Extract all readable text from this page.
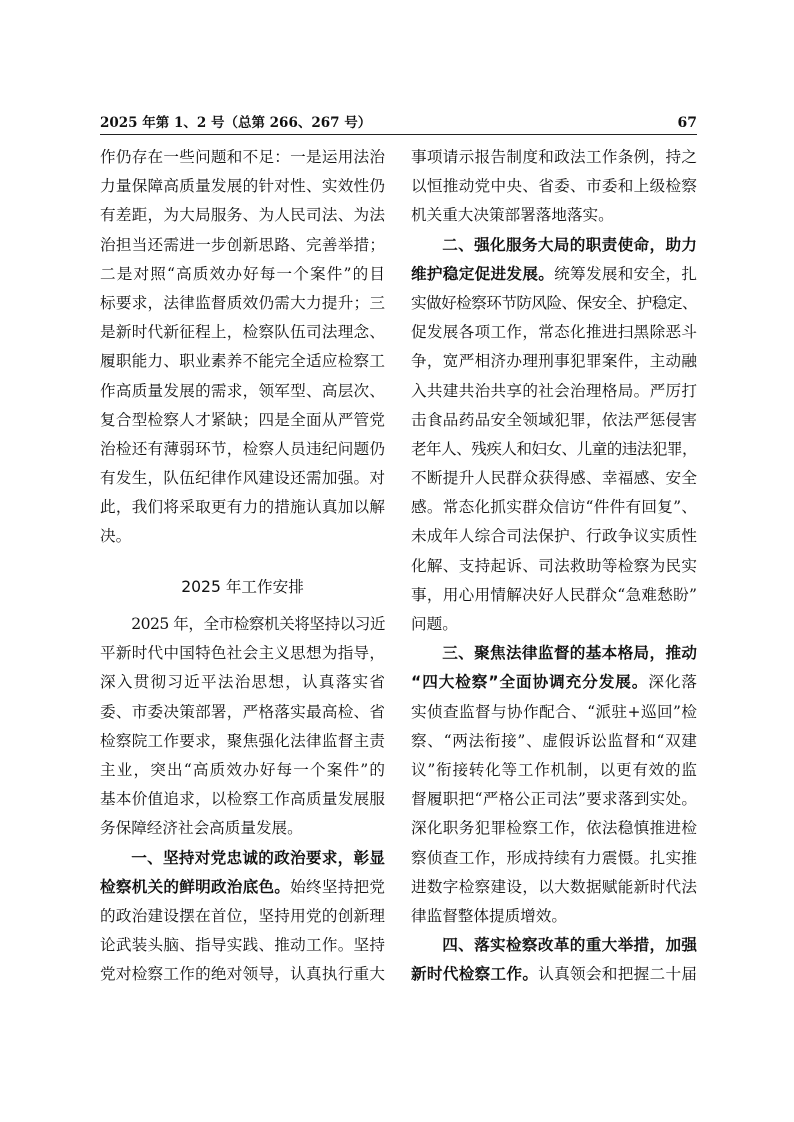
2025 年第 1、2 号（总第 266、267 号）	67
作仍存在一些问题和不足：一是运用法治
力量保障高质量发展的针对性、实效性仍
有差距，为大局服务、为人民司法、为法
治担当还需进一步创新思路、完善举措；
二是对照“高质效办好每一个案件”的目
标要求，法律监督质效仍需大力提升；三
是新时代新征程上，检察队伍司法理念、
履职能力、职业素养不能完全适应检察工
作高质量发展的需求，领军型、高层次、
复合型检察人才紧缺；四是全面从严管党
治检还有薄弱环节，检察人员违纪问题仍
有发生，队伍纪律作风建设还需加强。对
此，我们将采取更有力的措施认真加以解
决。
2025 年工作安排
2025 年，全市检察机关将坚持以习近
平新时代中国特色社会主义思想为指导，
深入贯彻习近平法治思想，认真落实省
委、市委决策部署，严格落实最高检、省
检察院工作要求，聚焦强化法律监督主责
主业，突出“高质效办好每一个案件”的
基本价值追求，以检察工作高质量发展服
务保障经济社会高质量发展。
一、坚持对党忠诚的政治要求，彰显
检察机关的鲜明政治底色。始终坚持把党
的政治建设摆在首位，坚持用党的创新理
论武装头脑、指导实践、推动工作。坚持
党对检察工作的绝对领导，认真执行重大
事项请示报告制度和政法工作条例，持之
以恒推动党中央、省委、市委和上级检察
机关重大决策部署落地落实。
二、强化服务大局的职责使命，助力
维护稳定促进发展。统筹发展和安全，扎
实做好检察环节防风险、保安全、护稳定、
促发展各项工作，常态化推进扫黑除恶斗
争，宽严相济办理刑事犯罪案件，主动融
入共建共治共享的社会治理格局。严厉打
击食品药品安全领域犯罪，依法严惩侵害
老年人、残疾人和妇女、儿童的违法犯罪，
不断提升人民群众获得感、幸福感、安全
感。常态化抓实群众信访“件件有回复”、
未成年人综合司法保护、行政争议实质性
化解、支持起诉、司法救助等检察为民实
事，用心用情解决好人民群众“急难愁盼”
问题。
三、聚焦法律监督的基本格局，推动
“四大检察”全面协调充分发展。深化落
实侦查监督与协作配合、“派驻+巡回”检
察、“两法衔接”、虚假诉讼监督和“双建
议”衔接转化等工作机制，以更有效的监
督履职把“严格公正司法”要求落到实处。
深化职务犯罪检察工作，依法稳慎推进检
察侦查工作，形成持续有力震慑。扎实推
进数字检察建设，以大数据赋能新时代法
律监督整体提质增效。
四、落实检察改革的重大举措，加强
新时代检察工作。认真领会和把握二十届
